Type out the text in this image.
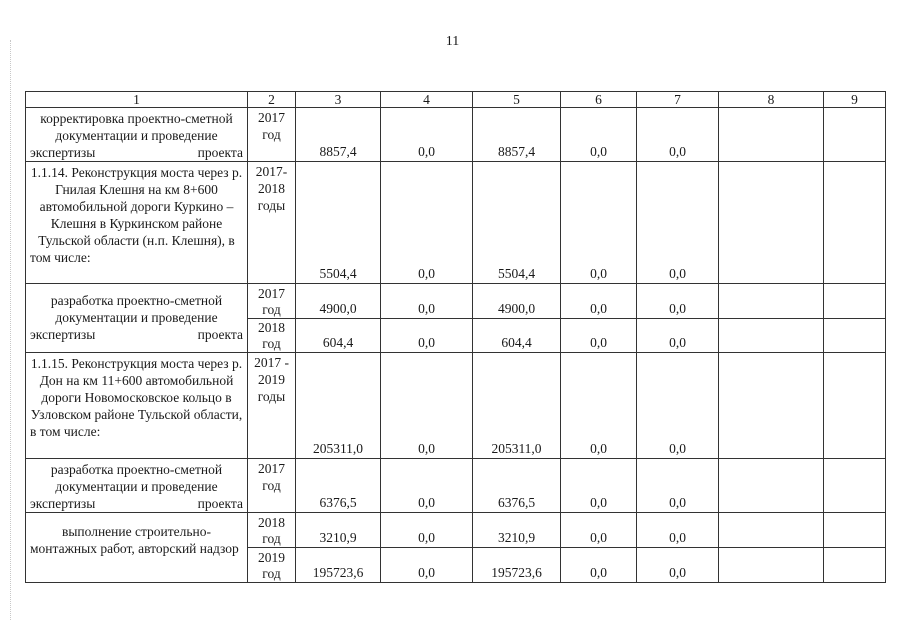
11
1	2	3	4	5	6	7	8	9
корректировка проектно-сметной документации и проведение экспертизы проекта	2017 год	8857,4	0,0	8857,4	0,0	0,0		
1.1.14. Реконструкция моста через р. Гнилая Клешня на км 8+600 автомобильной дороги Куркино – Клешня в Куркинском районе Тульской области (н.п. Клешня), в том числе:	2017-2018 годы	5504,4	0,0	5504,4	0,0	0,0		
разработка проектно-сметной документации и проведение экспертизы проекта	2017 год	4900,0	0,0	4900,0	0,0	0,0		
	2018 год	604,4	0,0	604,4	0,0	0,0		
1.1.15. Реконструкция моста через р. Дон на км 11+600 автомобильной дороги Новомосковское кольцо в Узловском районе Тульской области, в том числе:	2017 - 2019 годы	205311,0	0,0	205311,0	0,0	0,0		
разработка проектно-сметной документации и проведение экспертизы проекта	2017 год	6376,5	0,0	6376,5	0,0	0,0		
выполнение строительно-монтажных работ, авторский надзор	2018 год	3210,9	0,0	3210,9	0,0	0,0		
	2019 год	195723,6	0,0	195723,6	0,0	0,0		
